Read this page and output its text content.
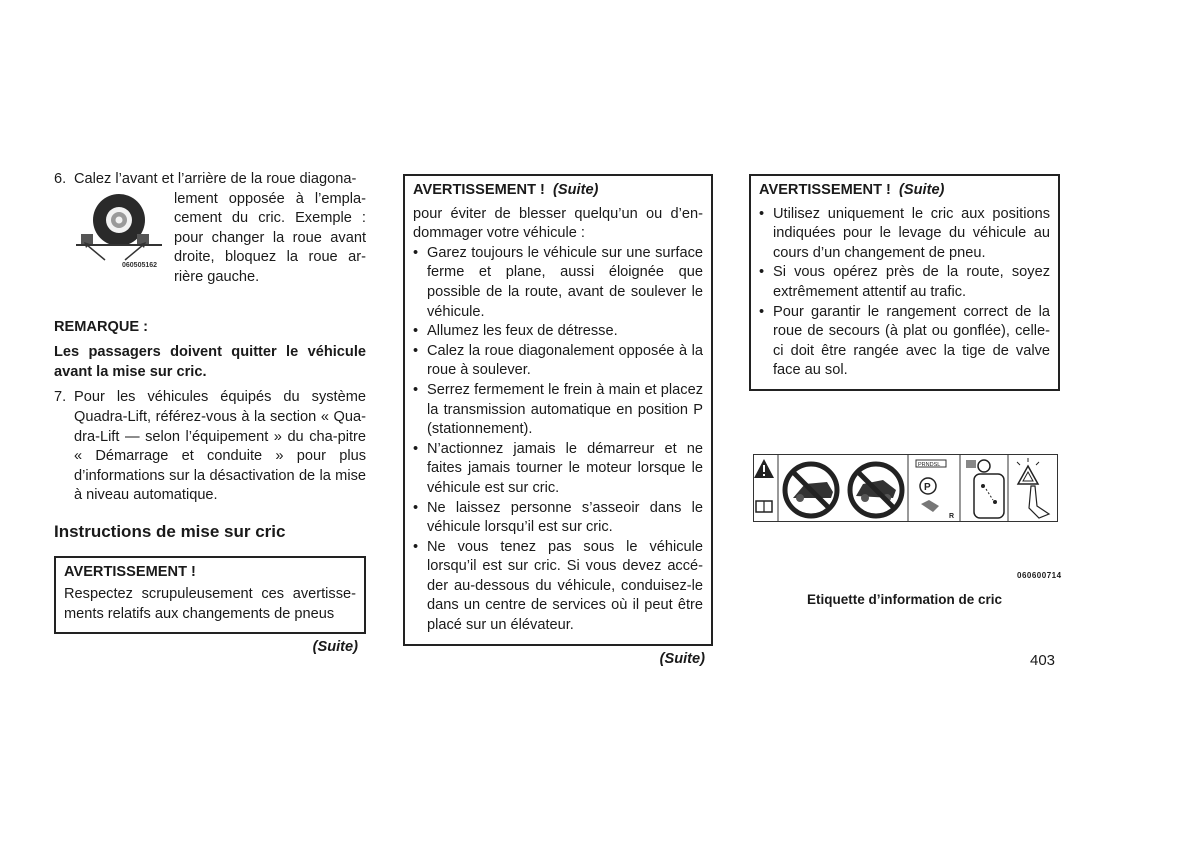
6. Calez l’avant et l’arrière de la roue diagona-
060505162
lement opposée à l’empla-cement du cric. Exemple : pour changer la roue avant droite, bloquez la roue ar-rière gauche.
REMARQUE :
Les passagers doivent quitter le véhicule avant la mise sur cric.
7. Pour les véhicules équipés du système Quadra-Lift, référez-vous à la section « Qua-dra-Lift — selon l’équipement » du cha-pitre « Démarrage et conduite » pour plus d’informations sur la désactivation de la mise à niveau automatique.
Instructions de mise sur cric
AVERTISSEMENT !
Respectez scrupuleusement ces avertisse-ments relatifs aux changements de pneus
(Suite)
AVERTISSEMENT ! (Suite)
pour éviter de blesser quelqu’un ou d’en-dommager votre véhicule :
• Garez toujours le véhicule sur une surface ferme et plane, aussi éloignée que possible de la route, avant de soulever le véhicule.
• Allumez les feux de détresse.
• Calez la roue diagonalement opposée à la roue à soulever.
• Serrez fermement le frein à main et placez la transmission automatique en position P (stationnement).
• N’actionnez jamais le démarreur et ne faites jamais tourner le moteur lorsque le véhicule est sur cric.
• Ne laissez personne s’asseoir dans le véhicule lorsqu’il est sur cric.
• Ne vous tenez pas sous le véhicule lorsqu’il est sur cric. Si vous devez accé-der au-dessous du véhicule, conduisez-le dans un centre de services où il peut être placé sur un élévateur.
(Suite)
AVERTISSEMENT ! (Suite)
• Utilisez uniquement le cric aux positions indiquées pour le levage du véhicule au cours d’un changement de pneu.
• Si vous opérez près de la route, soyez extrêmement attentif au trafic.
• Pour garantir le rangement correct de la roue de secours (à plat ou gonflée), celle-ci doit être rangée avec la tige de valve face au sol.
PRNDSL
P
R
060600714
Etiquette d’information de cric
403
